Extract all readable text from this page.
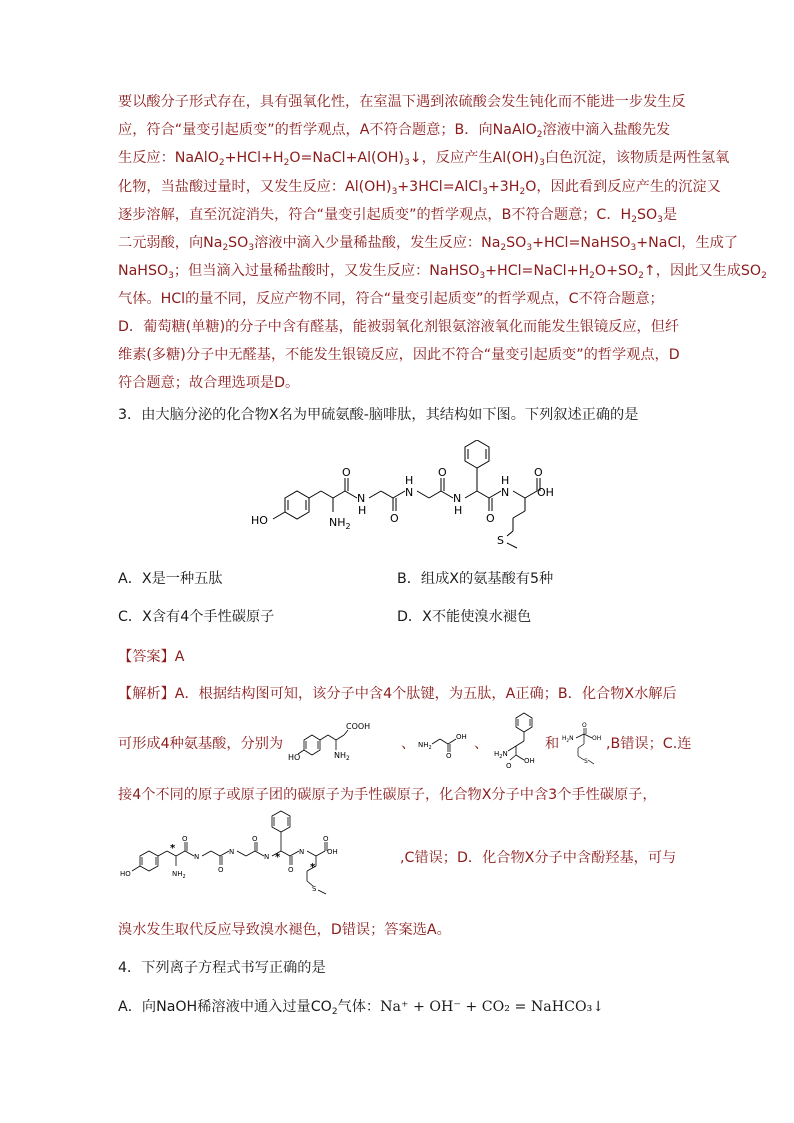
要以酸分子形式存在，具有强氧化性，在室温下遇到浓硫酸会发生钝化而不能进一步发生反
应，符合“量变引起质变”的哲学观点，A不符合题意；B．向NaAlO$_2$溶液中滴入盐酸先发
生反应：$NaAlO_2+HCl+H_2O=NaCl+Al(OH)_3↓$，反应产生$Al(OH)_3$白色沉淀，该物质是两性氢氧
化物，当盐酸过量时，又发生反应：$Al(OH)_3+3HCl=AlCl_3+3H_2O$，因此看到反应产生的沉淀又
逐步溶解，直至沉淀消失，符合“量变引起质变”的哲学观点，B不符合题意；C．$H_2SO_3$是
二元弱酸，向$Na_2SO_3$溶液中滴入少量稀盐酸，发生反应：$Na_2SO_3+HCl=NaHSO_3+NaCl$，生成了
NaHSO$_3$；但当滴入过量稀盐酸时，又发生反应：$NaHSO_3+HCl=NaCl+H_2O+SO_2↑$，因此又生成$SO_2$
气体。HCl的量不同，反应产物不同，符合“量变引起质变”的哲学观点，C不符合题意；
D．葡萄糖(单糖)的分子中含有醛基，能被弱氧化剂银氨溶液氧化而能发生银镜反应，但纤
维素(多糖)分子中无醛基，不能发生银镜反应，因此不符合“量变引起质变”的哲学观点，D
符合题意；故合理选项是D。
3．由大脑分泌的化合物X名为甲硫氨酸-脑啡肽，其结构如下图。下列叙述正确的是
HO	$NH_2$
O
N
H
O
H
N
O
N
H
O
H
N
O
OH
S
A．X是一种五肽	B．组成X的氨基酸有5种
C．X含有4个手性碳原子	D．X不能使溴水褪色
【答案】A
【解析】A．根据结构图可知，该分子中含4个肽键，为五肽，A正确；B．化合物X水解后
可形成4种氨基酸，分别为
HO
COOH
$NH_2$
、 $NH_2$
OH
O
、
$H_2N$
OH
O
和 $H_2N$
O
OH
S
,B错误；C.连
接4个不同的原子或原子团的碳原子为手性碳原子，化合物X分子中含3个手性碳原子，
HO	$NH_2$
O
N
O
N
O
N
O
N
O
OH
S
*
*
*
,C错误；D．化合物X分子中含酚羟基，可与
溴水发生取代反应导致溴水褪色，D错误；答案选A。
4．下列离子方程式书写正确的是
A．向NaOH稀溶液中通入过量$CO_2$气体：Na⁺ + OH⁻ + CO₂ = NaHCO₃↓
